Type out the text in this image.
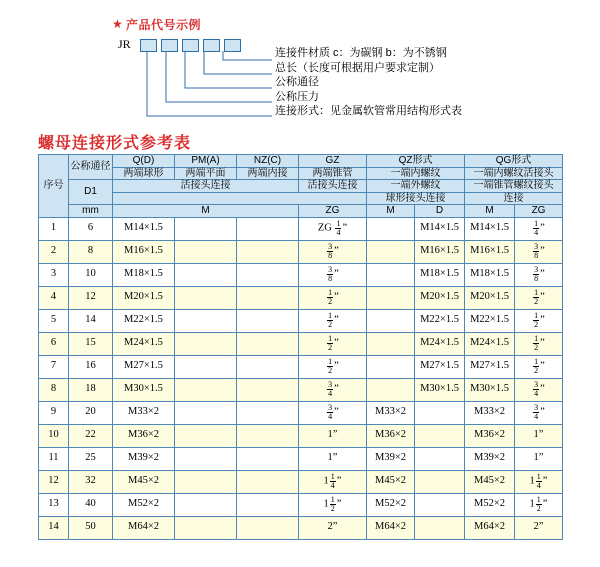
★ 产品代号示例
JR
连接件材质 c：为碳钢 b：为不锈钢
总长（长度可根据用户要求定制）
公称通径
公称压力
连接形式：见金属软管常用结构形式表
螺母连接形式参考表
序号	公称通径	Q(D)	PM(A)	NZ(C)	GZ	QZ形式		QG形式	
		两端球形	两端平面	两端内接	两端锥管	一端内螺纹		一端内螺纹活接头	
	D1	活接头连接			活接头连接	一端外螺纹		一端锥管螺纹接头	
						球形接头连接		连接	
	mm	M			ZG	M	D	M	ZG
1	6	M14×1.5			ZG $\frac{1}{4}$ ”		M14×1.5	M14×1.5	$\frac{1}{4}$ ”
2	8	M16×1.5			$\frac{3}{8}$ ”		M16×1.5	M16×1.5	$\frac{3}{8}$ ”
3	10	M18×1.5			$\frac{3}{8}$ ”		M18×1.5	M18×1.5	$\frac{3}{8}$ ”
4	12	M20×1.5			$\frac{1}{2}$ ”		M20×1.5	M20×1.5	$\frac{1}{2}$ ”
5	14	M22×1.5			$\frac{1}{2}$ ”		M22×1.5	M22×1.5	$\frac{1}{2}$ ”
6	15	M24×1.5			$\frac{1}{2}$ ”		M24×1.5	M24×1.5	$\frac{1}{2}$ ”
7	16	M27×1.5			$\frac{1}{2}$ ”		M27×1.5	M27×1.5	$\frac{1}{2}$ ”
8	18	M30×1.5			$\frac{3}{4}$ ”		M30×1.5	M30×1.5	$\frac{3}{4}$ ”
9	20	M33×2			$\frac{3}{4}$ ”	M33×2		M33×2	$\frac{3}{4}$ ”
10	22	M36×2			1”	M36×2		M36×2	1”
11	25	M39×2			1”	M39×2		M39×2	1”
12	32	M45×2			$1 \frac{1}{4}$ ”	M45×2		M45×2	$1 \frac{1}{4}$ ”
13	40	M52×2			$1 \frac{1}{2}$ ”	M52×2		M52×2	$1 \frac{1}{2}$ ”
14	50	M64×2			2”	M64×2		M64×2	2”
